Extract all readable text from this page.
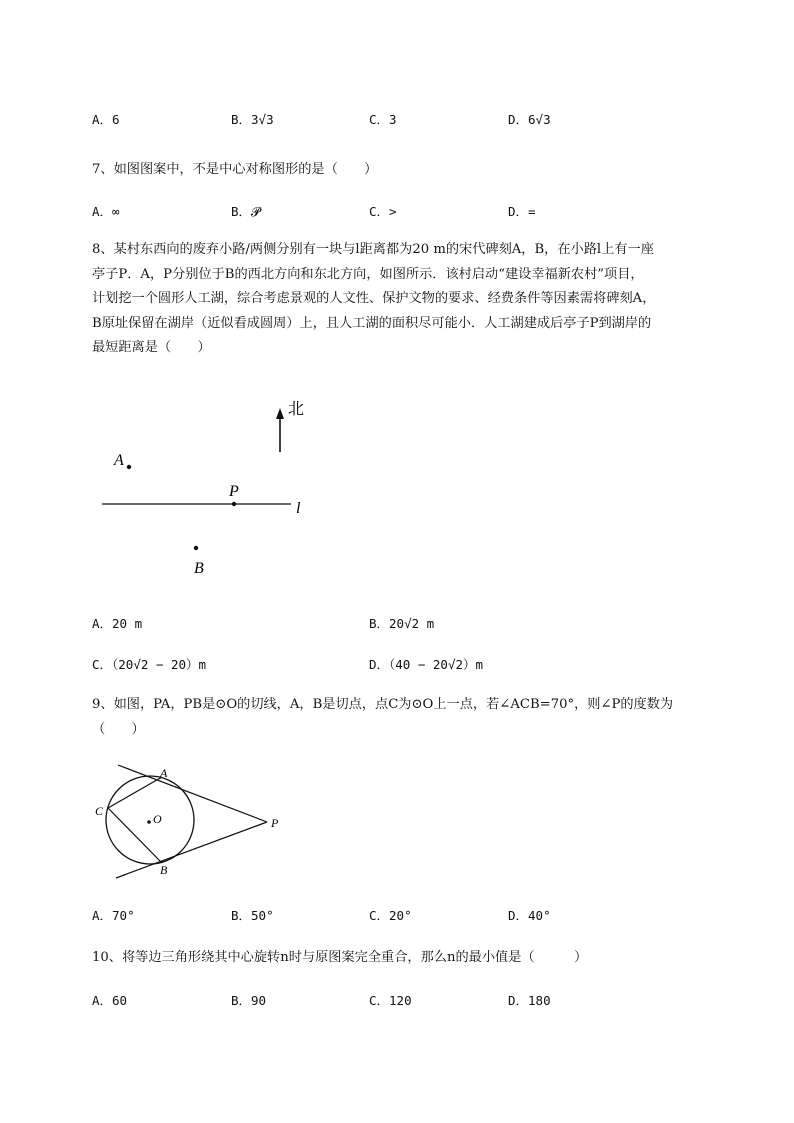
A．6	B．3√3	C．3	D．6√3
7、如图图案中，不是中心对称图形的是（　　）
A．∞	B．𝓟	C．>	D．=
8、某村东西向的废弃小路/两侧分别有一块与l距离都为20 m的宋代碑刻A，B，在小路l上有一座
亭子P．A，P分别位于B的西北方向和东北方向，如图所示．该村启动“建设幸福新农村”项目，
计划挖一个圆形人工湖，综合考虑景观的人文性、保护文物的要求、经费条件等因素需将碑刻A，
B原址保留在湖岸（近似看成圆周）上，且人工湖的面积尽可能小．人工湖建成后亭子P到湖岸的
最短距离是（　　）
北
A
P
l
B
A．20 m	B．20√2 m
C．（20√2 − 20）m	D．（40 − 20√2）m
9、如图，PA，PB是⊙O的切线，A，B是切点，点C为⊙O上一点，若∠ACB=70°，则∠P的度数为
（　　）
O
A
B
C
P
A．70°	B．50°	C．20°	D．40°
10、将等边三角形绕其中心旋转n时与原图案完全重合，那么n的最小值是（　　　）
A．60	B．90	C．120	D．180
